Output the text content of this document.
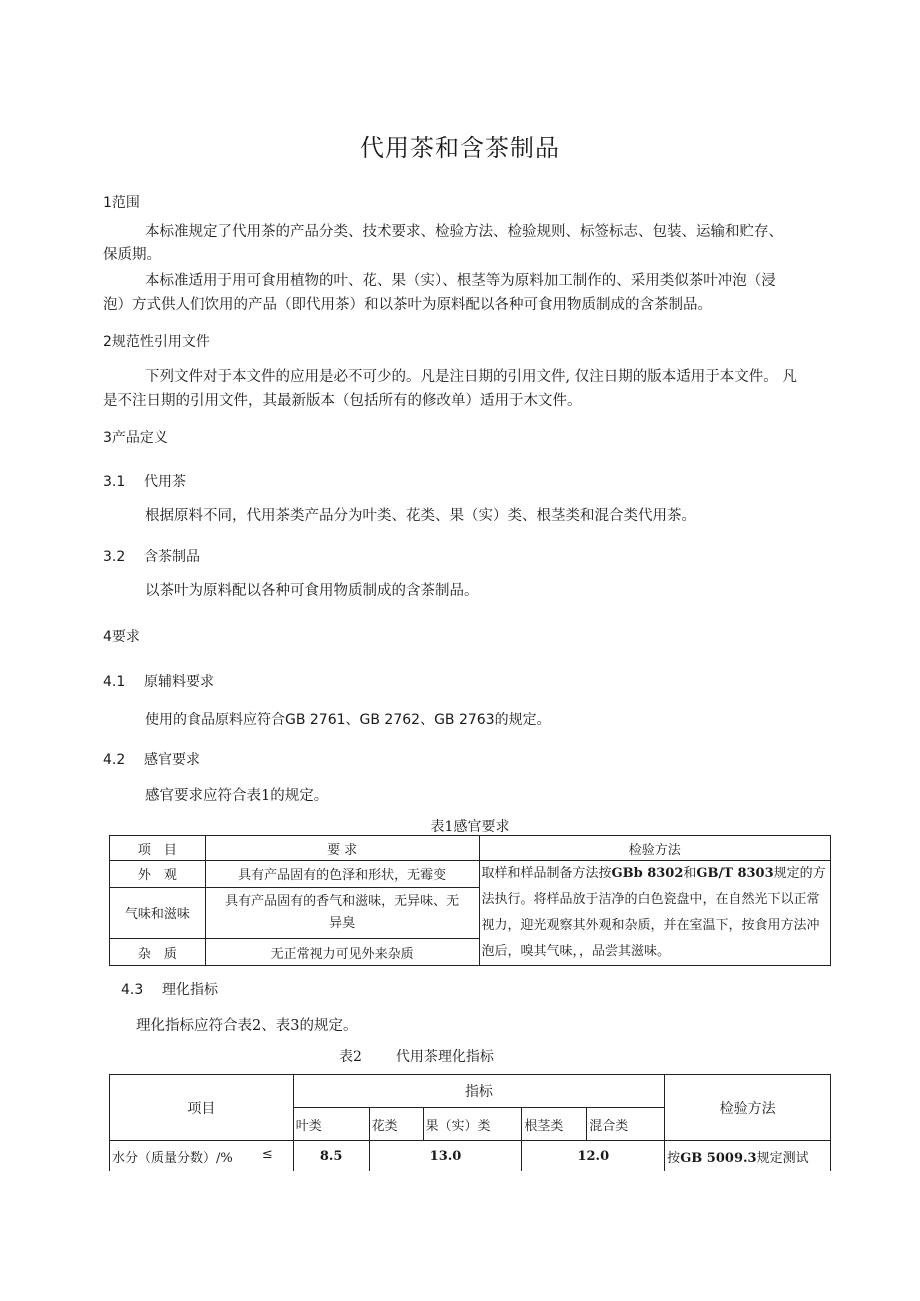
代用茶和含茶制品
1范围
本标准规定了代用茶的产品分类、技术要求、检验方法、检验规则、标签标志、包装、运输和贮存、
保质期。
本标准适用于用可食用植物的叶、花、果（实）、根茎等为原料加工制作的、采用类似茶叶冲泡（浸
泡）方式供人们饮用的产品（即代用茶）和以茶叶为原料配以各种可食用物质制成的含茶制品。
2规范性引用文件
下列文件对于本文件的应用是必不可少的。凡是注日期的引用文件, 仅注日期的版本适用于本文件。 凡
是不注日期的引用文件，其最新版本（包括所有的修改单）适用于木文件。
3产品定义
3.1 代用茶
根据原料不同，代用茶类产品分为叶类、花类、果（实）类、根茎类和混合类代用茶。
3.2 含茶制品
以茶叶为原料配以各种可食用物质制成的含茶制品。
4要求
4.1 原辅料要求
使用的食品原料应符合GB 2761、GB 2762、GB 2763的规定。
4.2 感官要求
感官要求应符合表1的规定。
表1感官要求
项　目	要 求	检验方法
外　观	具有产品固有的色泽和形状，无霉变	取样和样品制备方法按GBb 8302和GB/T 8303规定的方法执行。将样品放于洁净的白色瓷盘中，在自然光下以正常视力，迎光观察其外观和杂质，并在室温下，按食用方法冲泡后，嗅其气味，，品尝其滋味。
气味和滋味	具有产品固有的香气和滋味，无异味、无异臭	
杂　质	无正常视力可见外来杂质	
4.3 理化指标
理化指标应符合表2、表3的规定。
表2 代用茶理化指标
项目	指标					检验方法
	叶类	花类	果（实）类	根茎类	混合类	
水分（质量分数）/% ≤	8.5	13.0		12.0		按GB 5009.3规定测试
